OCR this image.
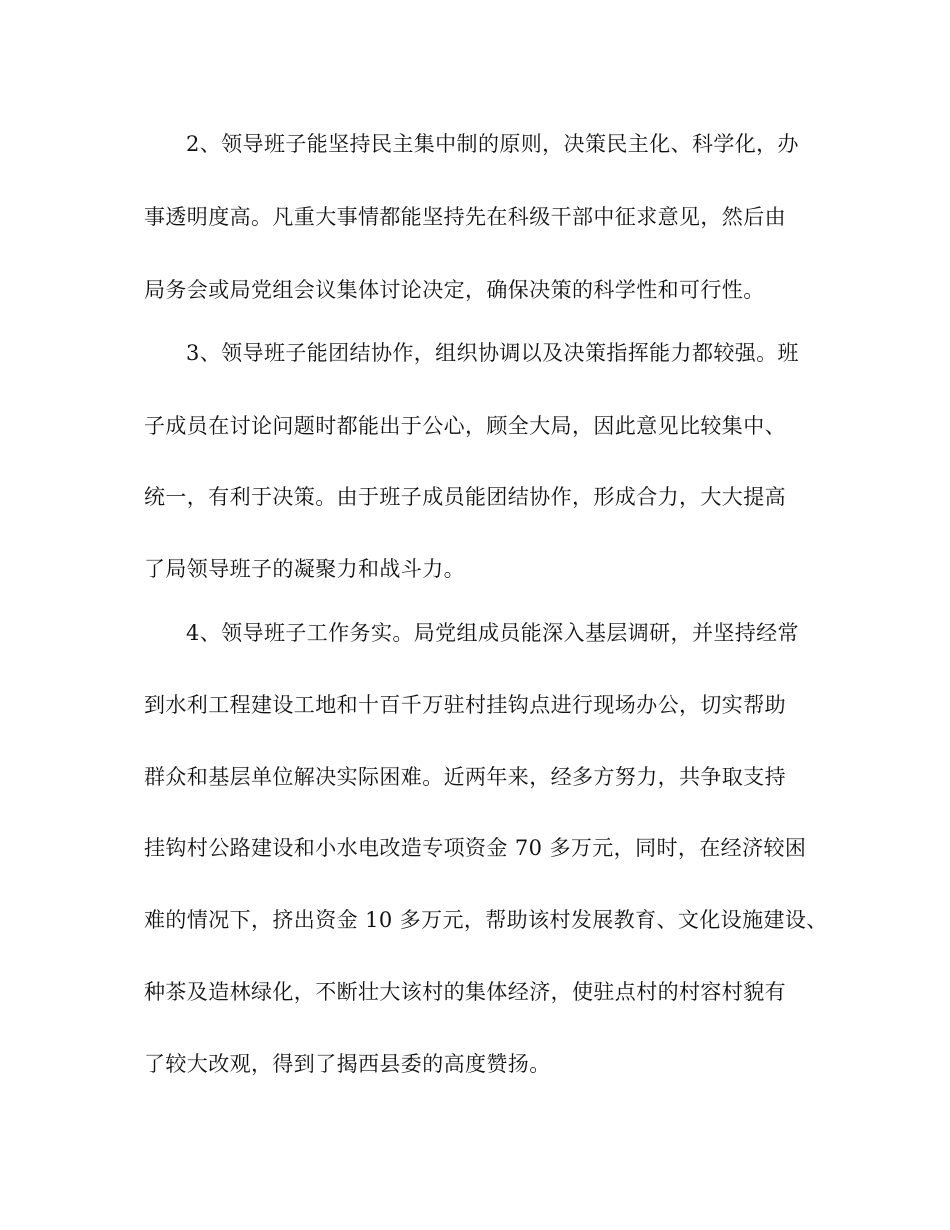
2、领导班子能坚持民主集中制的原则，决策民主化、科学化，办
事透明度高。凡重大事情都能坚持先在科级干部中征求意见，然后由
局务会或局党组会议集体讨论决定，确保决策的科学性和可行性。
3、领导班子能团结协作，组织协调以及决策指挥能力都较强。班
子成员在讨论问题时都能出于公心，顾全大局，因此意见比较集中、
统一，有利于决策。由于班子成员能团结协作，形成合力，大大提高
了局领导班子的凝聚力和战斗力。
4、领导班子工作务实。局党组成员能深入基层调研，并坚持经常
到水利工程建设工地和十百千万驻村挂钩点进行现场办公，切实帮助
群众和基层单位解决实际困难。近两年来，经多方努力，共争取支持
挂钩村公路建设和小水电改造专项资金 70 多万元，同时，在经济较困
难的情况下，挤出资金 10 多万元，帮助该村发展教育、文化设施建设、
种茶及造林绿化，不断壮大该村的集体经济，使驻点村的村容村貌有
了较大改观，得到了揭西县委的高度赞扬。
